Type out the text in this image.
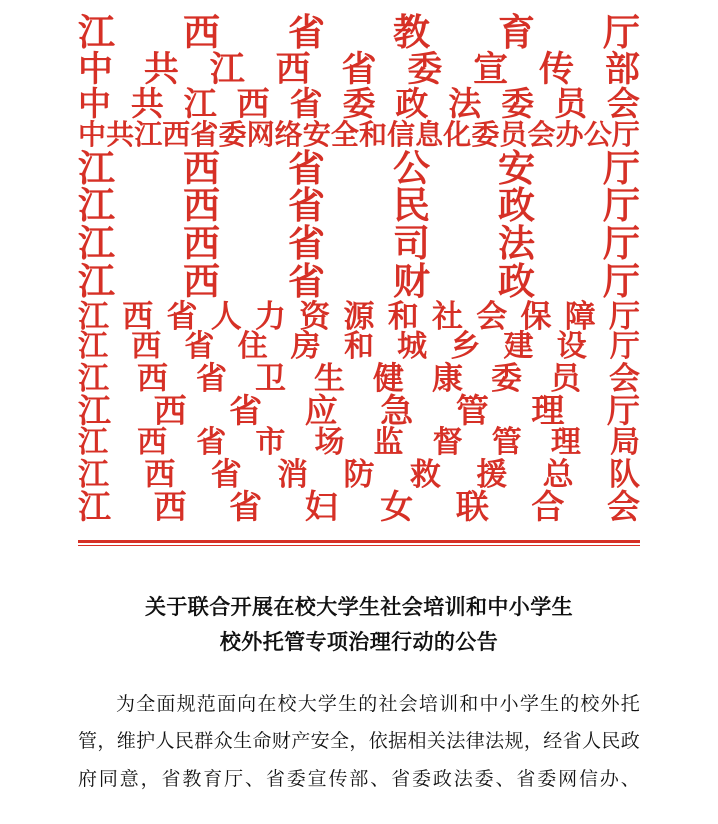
江 西 省 教 育 厅
中 共 江 西 省 委 宣 传 部
中 共 江 西 省 委 政 法 委 员 会
中 共 江 西 省 委 网 络 安 全 和 信 息 化 委 员 会 办 公 厅
江 西 省 公 安 厅
江 西 省 民 政 厅
江 西 省 司 法 厅
江 西 省 财 政 厅
江 西 省 人 力 资 源 和 社 会 保 障 厅
江 西 省 住 房 和 城 乡 建 设 厅
江 西 省 卫 生 健 康 委 员 会
江 西 省 应 急 管 理 厅
江 西 省 市 场 监 督 管 理 局
江 西 省 消 防 救 援 总 队
江 西 省 妇 女 联 合 会
关于联合开展在校大学生社会培训和中小学生
校外托管专项治理行动的公告

为全面规范面向在校大学生的社会培训和中小学生的校外托管，维护人民群众生命财产安全，依据相关法律法规，经省人民政府同意，省教育厅、省委宣传部、省委政法委、省委网信办、
